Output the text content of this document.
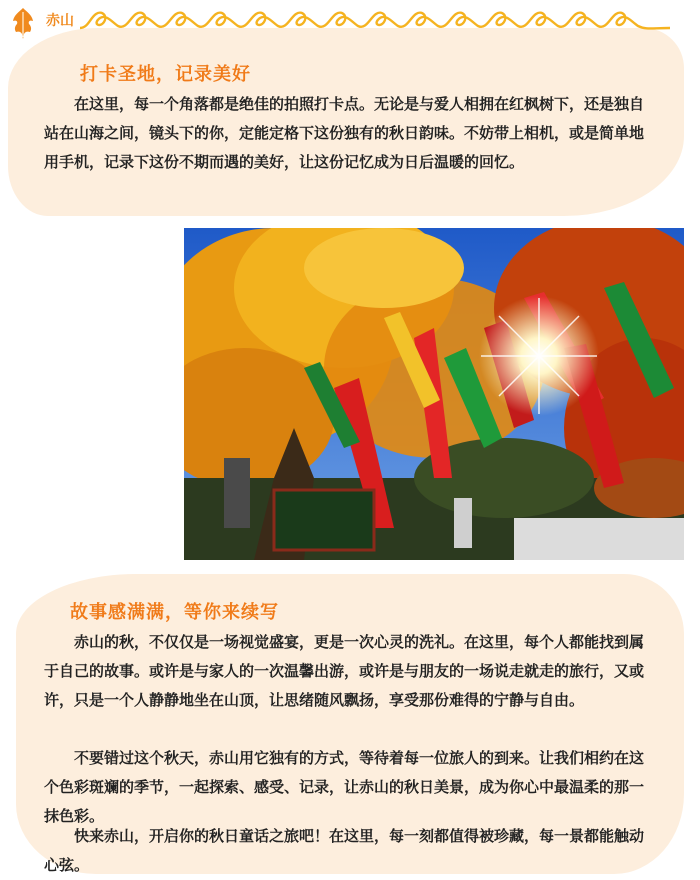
赤山
打卡圣地，记录美好

在这里，每一个角落都是绝佳的拍照打卡点。无论是与爱人相拥在红枫树下，还是独自站在山海之间，镜头下的你，定能定格下这份独有的秋日韵味。不妨带上相机，或是简单地用手机，记录下这份不期而遇的美好，让这份记忆成为日后温暖的回忆。

故事感满满，等你来续写

赤山的秋，不仅仅是一场视觉盛宴，更是一次心灵的洗礼。在这里，每个人都能找到属于自己的故事。或许是与家人的一次温馨出游，或许是与朋友的一场说走就走的旅行，又或许，只是一个人静静地坐在山顶，让思绪随风飘扬，享受那份难得的宁静与自由。

不要错过这个秋天，赤山用它独有的方式，等待着每一位旅人的到来。让我们相约在这个色彩斑斓的季节，一起探索、感受、记录，让赤山的秋日美景，成为你心中最温柔的那一抹色彩。

快来赤山，开启你的秋日童话之旅吧！在这里，每一刻都值得被珍藏，每一景都能触动心弦。
